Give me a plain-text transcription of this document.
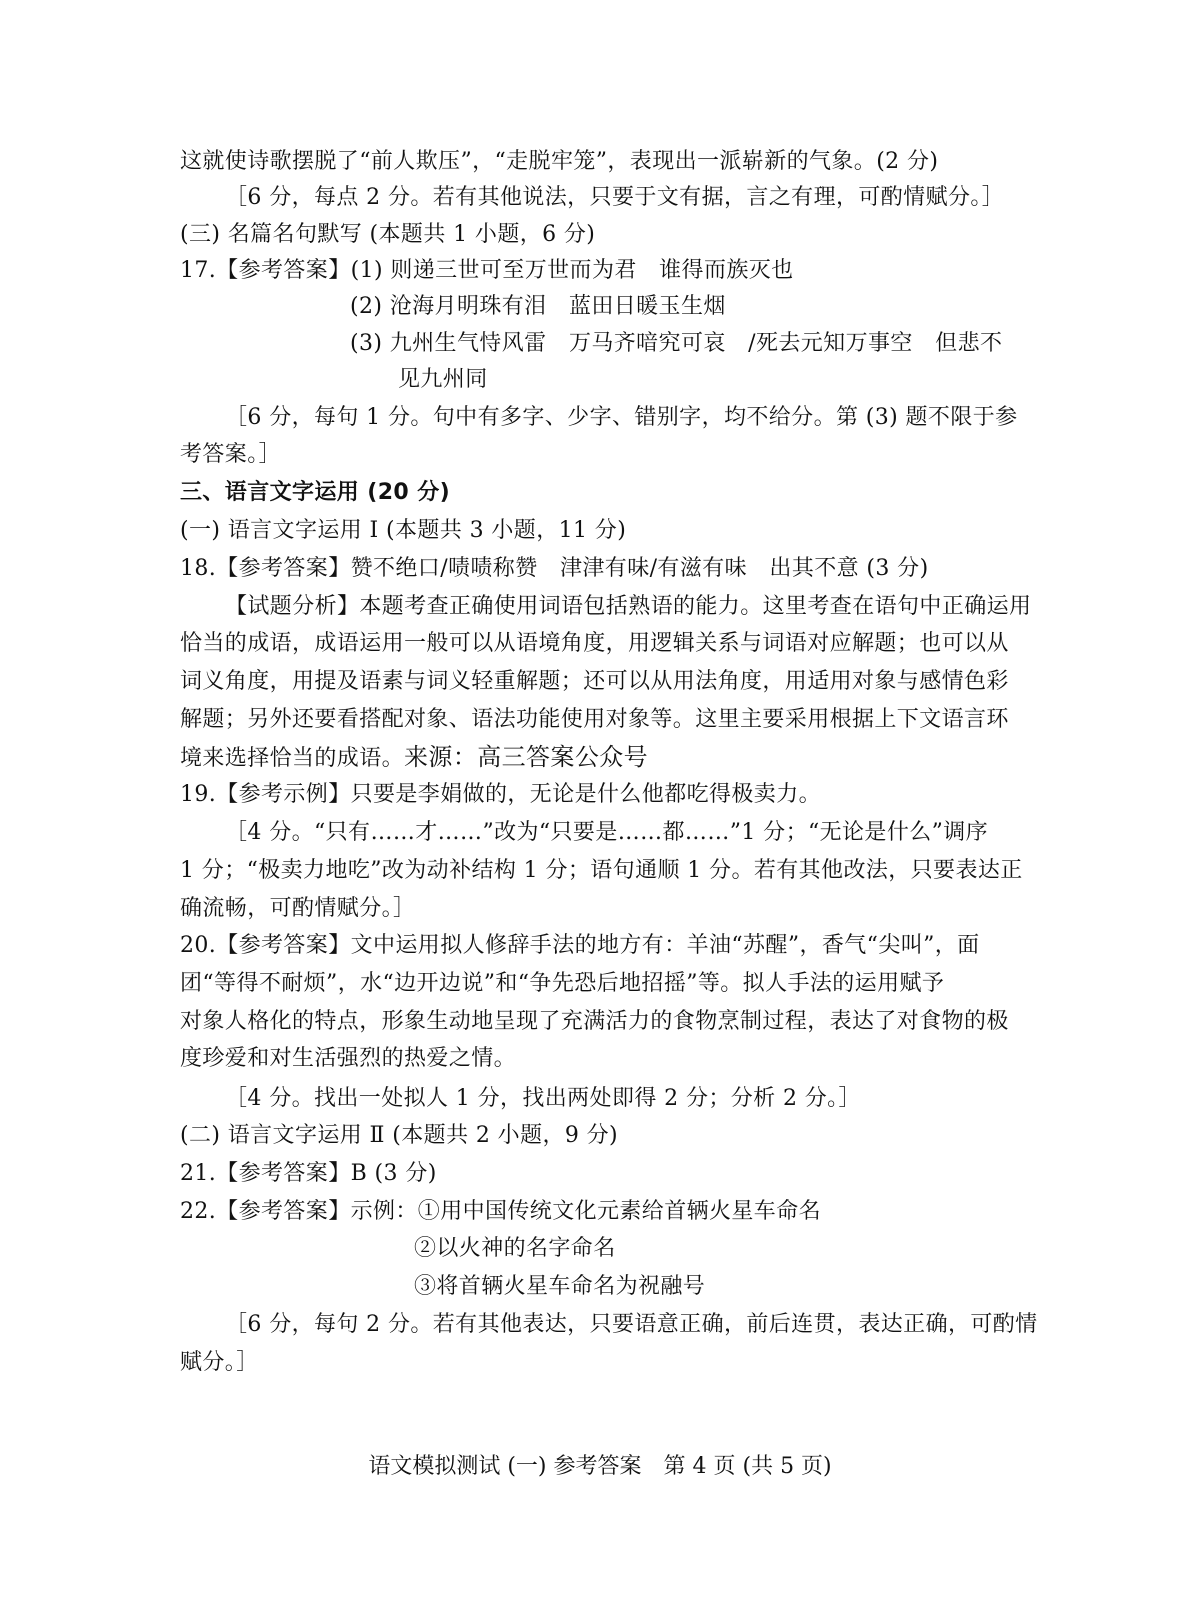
这就使诗歌摆脱了“前人欺压”，“走脱牢笼”，表现出一派崭新的气象。(2 分)
［6 分，每点 2 分。若有其他说法，只要于文有据，言之有理，可酌情赋分。］
(三) 名篇名句默写 (本题共 1 小题，6 分)
17.【参考答案】(1) 则递三世可至万世而为君　谁得而族灭也
(2) 沧海月明珠有泪　蓝田日暖玉生烟
(3) 九州生气恃风雷　万马齐喑究可哀　/死去元知万事空　但悲不
见九州同
［6 分，每句 1 分。句中有多字、少字、错别字，均不给分。第 (3) 题不限于参
考答案。］
三、语言文字运用 (20 分)
(一) 语言文字运用 Ⅰ (本题共 3 小题，11 分)
18.【参考答案】赞不绝口/啧啧称赞　津津有味/有滋有味　出其不意 (3 分)
【试题分析】本题考查正确使用词语包括熟语的能力。这里考查在语句中正确运用
恰当的成语，成语运用一般可以从语境角度，用逻辑关系与词语对应解题；也可以从
词义角度，用提及语素与词义轻重解题；还可以从用法角度，用适用对象与感情色彩
解题；另外还要看搭配对象、语法功能使用对象等。这里主要采用根据上下文语言环
境来选择恰当的成语。来源：高三答案公众号
19.【参考示例】只要是李娟做的，无论是什么他都吃得极卖力。
［4 分。“只有……才……”改为“只要是……都……”1 分；“无论是什么”调序
1 分；“极卖力地吃”改为动补结构 1 分；语句通顺 1 分。若有其他改法，只要表达正
确流畅，可酌情赋分。］
20.【参考答案】文中运用拟人修辞手法的地方有：羊油“苏醒”，香气“尖叫”，面
团“等得不耐烦”，水“边开边说”和“争先恐后地招摇”等。拟人手法的运用赋予
对象人格化的特点，形象生动地呈现了充满活力的食物烹制过程，表达了对食物的极
度珍爱和对生活强烈的热爱之情。
［4 分。找出一处拟人 1 分，找出两处即得 2 分；分析 2 分。］
(二) 语言文字运用 Ⅱ (本题共 2 小题，9 分)
21.【参考答案】B (3 分)
22.【参考答案】示例：①用中国传统文化元素给首辆火星车命名
②以火神的名字命名
③将首辆火星车命名为祝融号
［6 分，每句 2 分。若有其他表达，只要语意正确，前后连贯，表达正确，可酌情
赋分。］
语文模拟测试 (一) 参考答案　第 4 页 (共 5 页)
